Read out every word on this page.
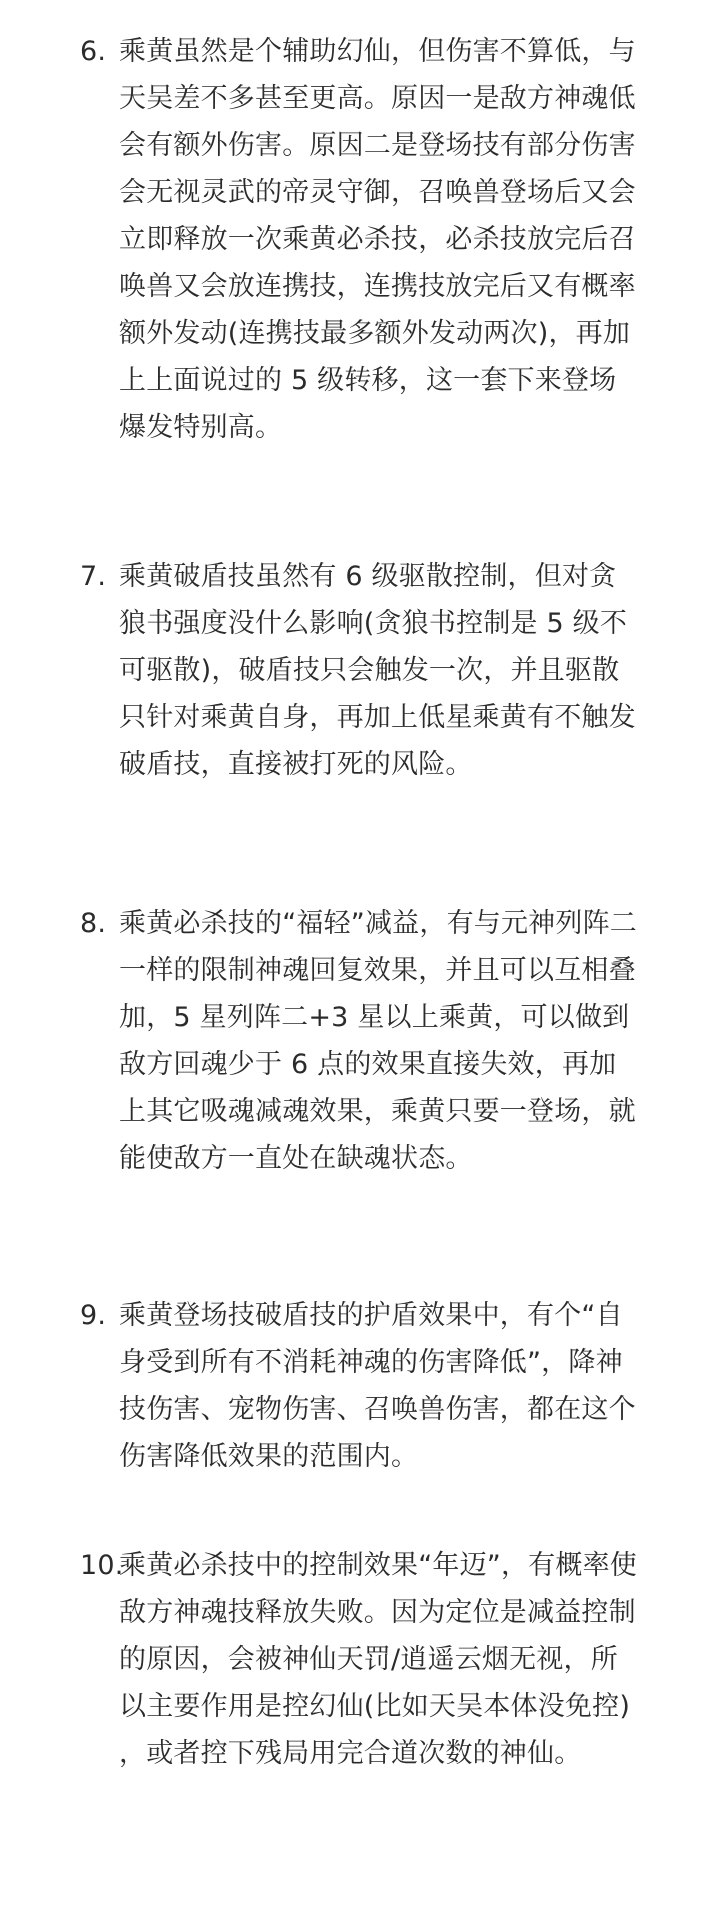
6. 乘黄虽然是个辅助幻仙，但伤害不算低，与天吴差不多甚至更高。原因一是敌方神魂低会有额外伤害。原因二是登场技有部分伤害会无视灵武的帝灵守御，召唤兽登场后又会立即释放一次乘黄必杀技，必杀技放完后召唤兽又会放连携技，连携技放完后又有概率额外发动(连携技最多额外发动两次)，再加上上面说过的 5 级转移，这一套下来登场爆发特别高。
7. 乘黄破盾技虽然有 6 级驱散控制，但对贪狼书强度没什么影响(贪狼书控制是 5 级不可驱散)，破盾技只会触发一次，并且驱散只针对乘黄自身，再加上低星乘黄有不触发破盾技，直接被打死的风险。
8. 乘黄必杀技的“福轻”减益，有与元神列阵二一样的限制神魂回复效果，并且可以互相叠加，5 星列阵二+3 星以上乘黄，可以做到敌方回魂少于 6 点的效果直接失效，再加上其它吸魂减魂效果，乘黄只要一登场，就能使敌方一直处在缺魂状态。
9. 乘黄登场技破盾技的护盾效果中，有个“自身受到所有不消耗神魂的伤害降低”，降神技伤害、宠物伤害、召唤兽伤害，都在这个伤害降低效果的范围内。
10.
乘黄必杀技中的控制效果“年迈”，有概率使敌方神魂技释放失败。因为定位是减益控制的原因，会被神仙天罚/逍遥云烟无视，所以主要作用是控幻仙(比如天吴本体没免控)，或者控下残局用完合道次数的神仙。
